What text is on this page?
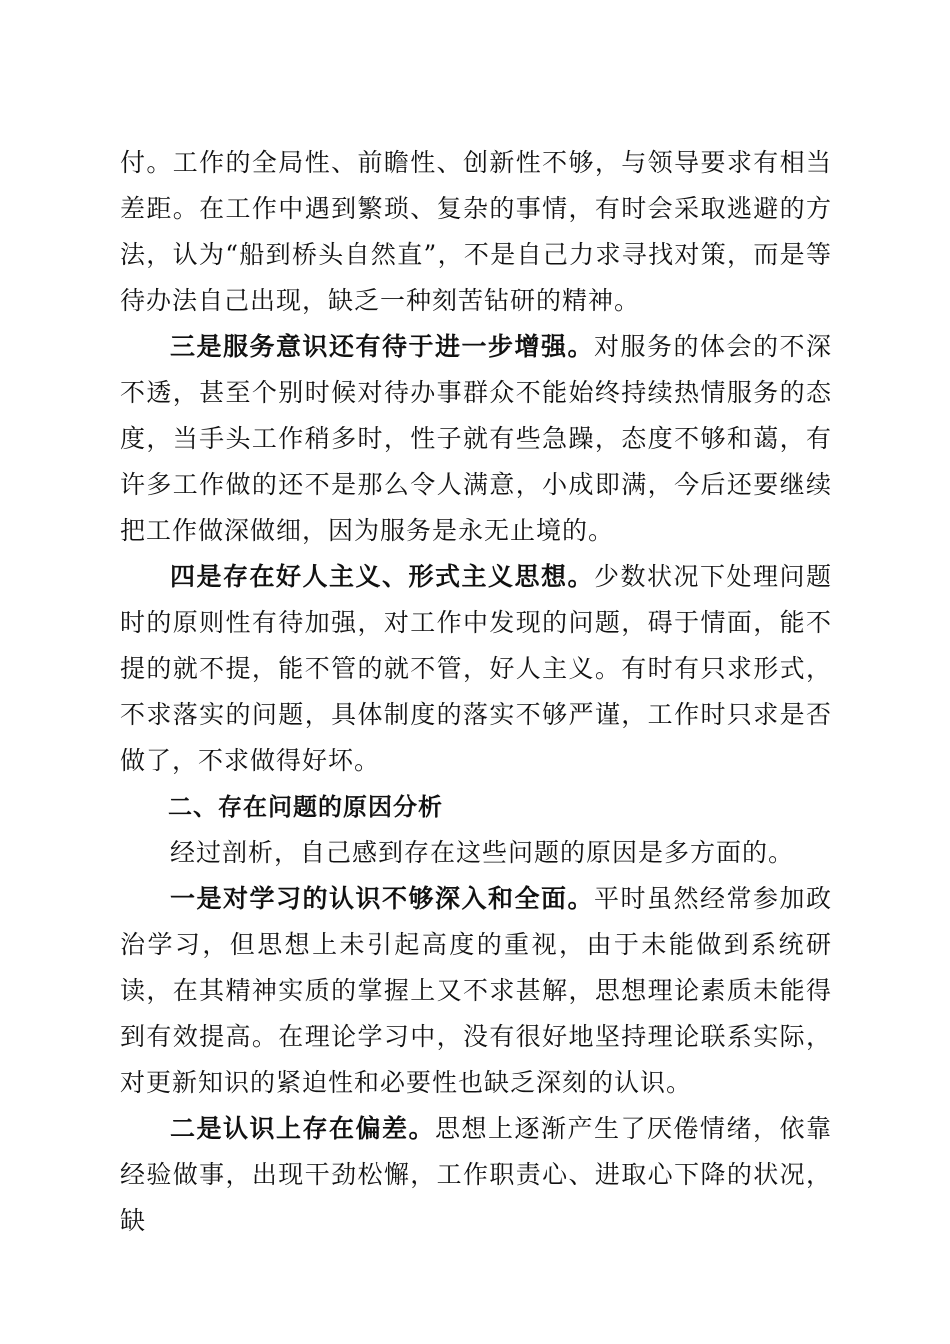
付。工作的全局性、前瞻性、创新性不够，与领导要求有相当差距。在工作中遇到繁琐、复杂的事情，有时会采取逃避的方法，认为“船到桥头自然直”，不是自己力求寻找对策，而是等待办法自己出现，缺乏一种刻苦钻研的精神。

三是服务意识还有待于进一步增强。对服务的体会的不深不透，甚至个别时候对待办事群众不能始终持续热情服务的态度，当手头工作稍多时，性子就有些急躁，态度不够和蔼，有许多工作做的还不是那么令人满意，小成即满，今后还要继续把工作做深做细，因为服务是永无止境的。

四是存在好人主义、形式主义思想。少数状况下处理问题时的原则性有待加强，对工作中发现的问题，碍于情面，能不提的就不提，能不管的就不管，好人主义。有时有只求形式，不求落实的问题，具体制度的落实不够严谨，工作时只求是否做了，不求做得好坏。

二、存在问题的原因分析

经过剖析，自己感到存在这些问题的原因是多方面的。

一是对学习的认识不够深入和全面。平时虽然经常参加政治学习，但思想上未引起高度的重视，由于未能做到系统研读，在其精神实质的掌握上又不求甚解，思想理论素质未能得到有效提高。在理论学习中，没有很好地坚持理论联系实际，对更新知识的紧迫性和必要性也缺乏深刻的认识。

二是认识上存在偏差。思想上逐渐产生了厌倦情绪，依靠经验做事，出现干劲松懈，工作职责心、进取心下降的状况，缺
